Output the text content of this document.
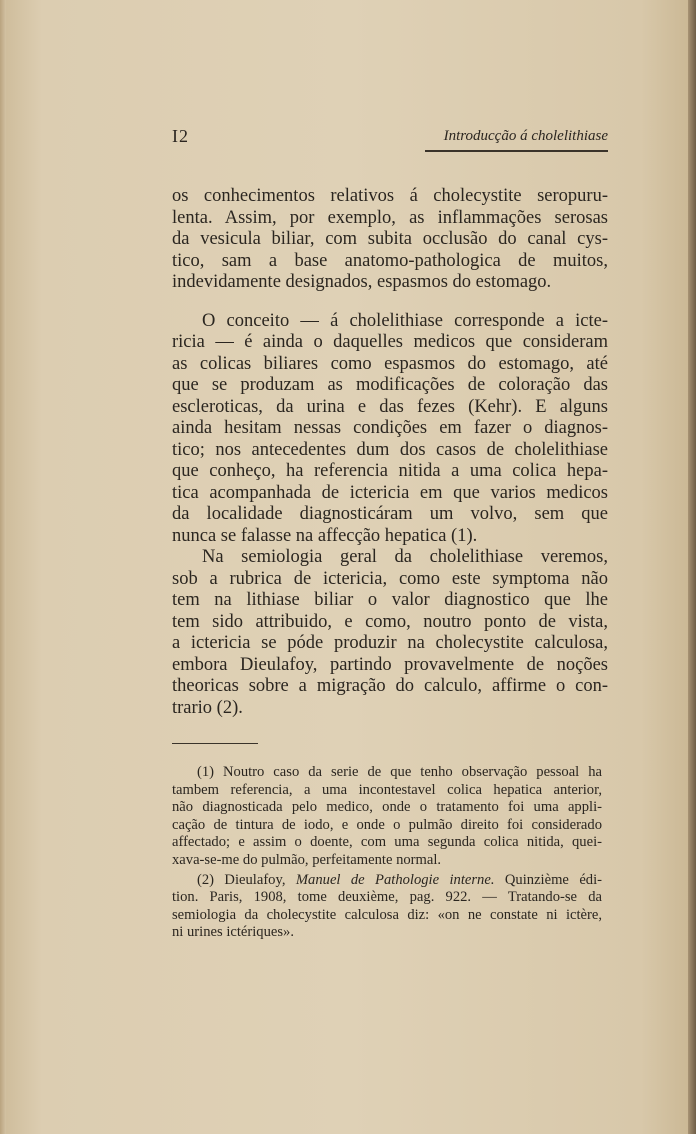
I2	Introducção á cholelithiase

os conhecimentos relativos á cholecystite seropuru-
lenta. Assim, por exemplo, as inflammações serosas
da vesicula biliar, com subita occlusão do canal cys-
tico, sam a base anatomo-pathologica de muitos,
indevidamente designados, espasmos do estomago.

O conceito — á cholelithiase corresponde a icte-
ricia — é ainda o daquelles medicos que consideram
as colicas biliares como espasmos do estomago, até
que se produzam as modificações de coloração das
escleroticas, da urina e das fezes (Kehr). E alguns
ainda hesitam nessas condições em fazer o diagnos-
tico; nos antecedentes dum dos casos de cholelithiase
que conheço, ha referencia nitida a uma colica hepa-
tica acompanhada de ictericia em que varios medicos
da localidade diagnosticáram um volvo, sem que
nunca se falasse na affecção hepatica (1).

Na semiologia geral da cholelithiase veremos,
sob a rubrica de ictericia, como este symptoma não
tem na lithiase biliar o valor diagnostico que lhe
tem sido attribuido, e como, noutro ponto de vista,
a ictericia se póde produzir na cholecystite calculosa,
embora Dieulafoy, partindo provavelmente de noções
theoricas sobre a migração do calculo, affirme o con-
trario (2).

(1) Noutro caso da serie de que tenho observação pessoal ha
tambem referencia, a uma incontestavel colica hepatica anterior,
não diagnosticada pelo medico, onde o tratamento foi uma appli-
cação de tintura de iodo, e onde o pulmão direito foi considerado
affectado; e assim o doente, com uma segunda colica nitida, quei-
xava-se-me do pulmão, perfeitamente normal.

(2) Dieulafoy, Manuel de Pathologie interne. Quinzième édi-
tion. Paris, 1908, tome deuxième, pag. 922. — Tratando-se da
semiologia da cholecystite calculosa diz: «on ne constate ni ictère,
ni urines ictériques».
